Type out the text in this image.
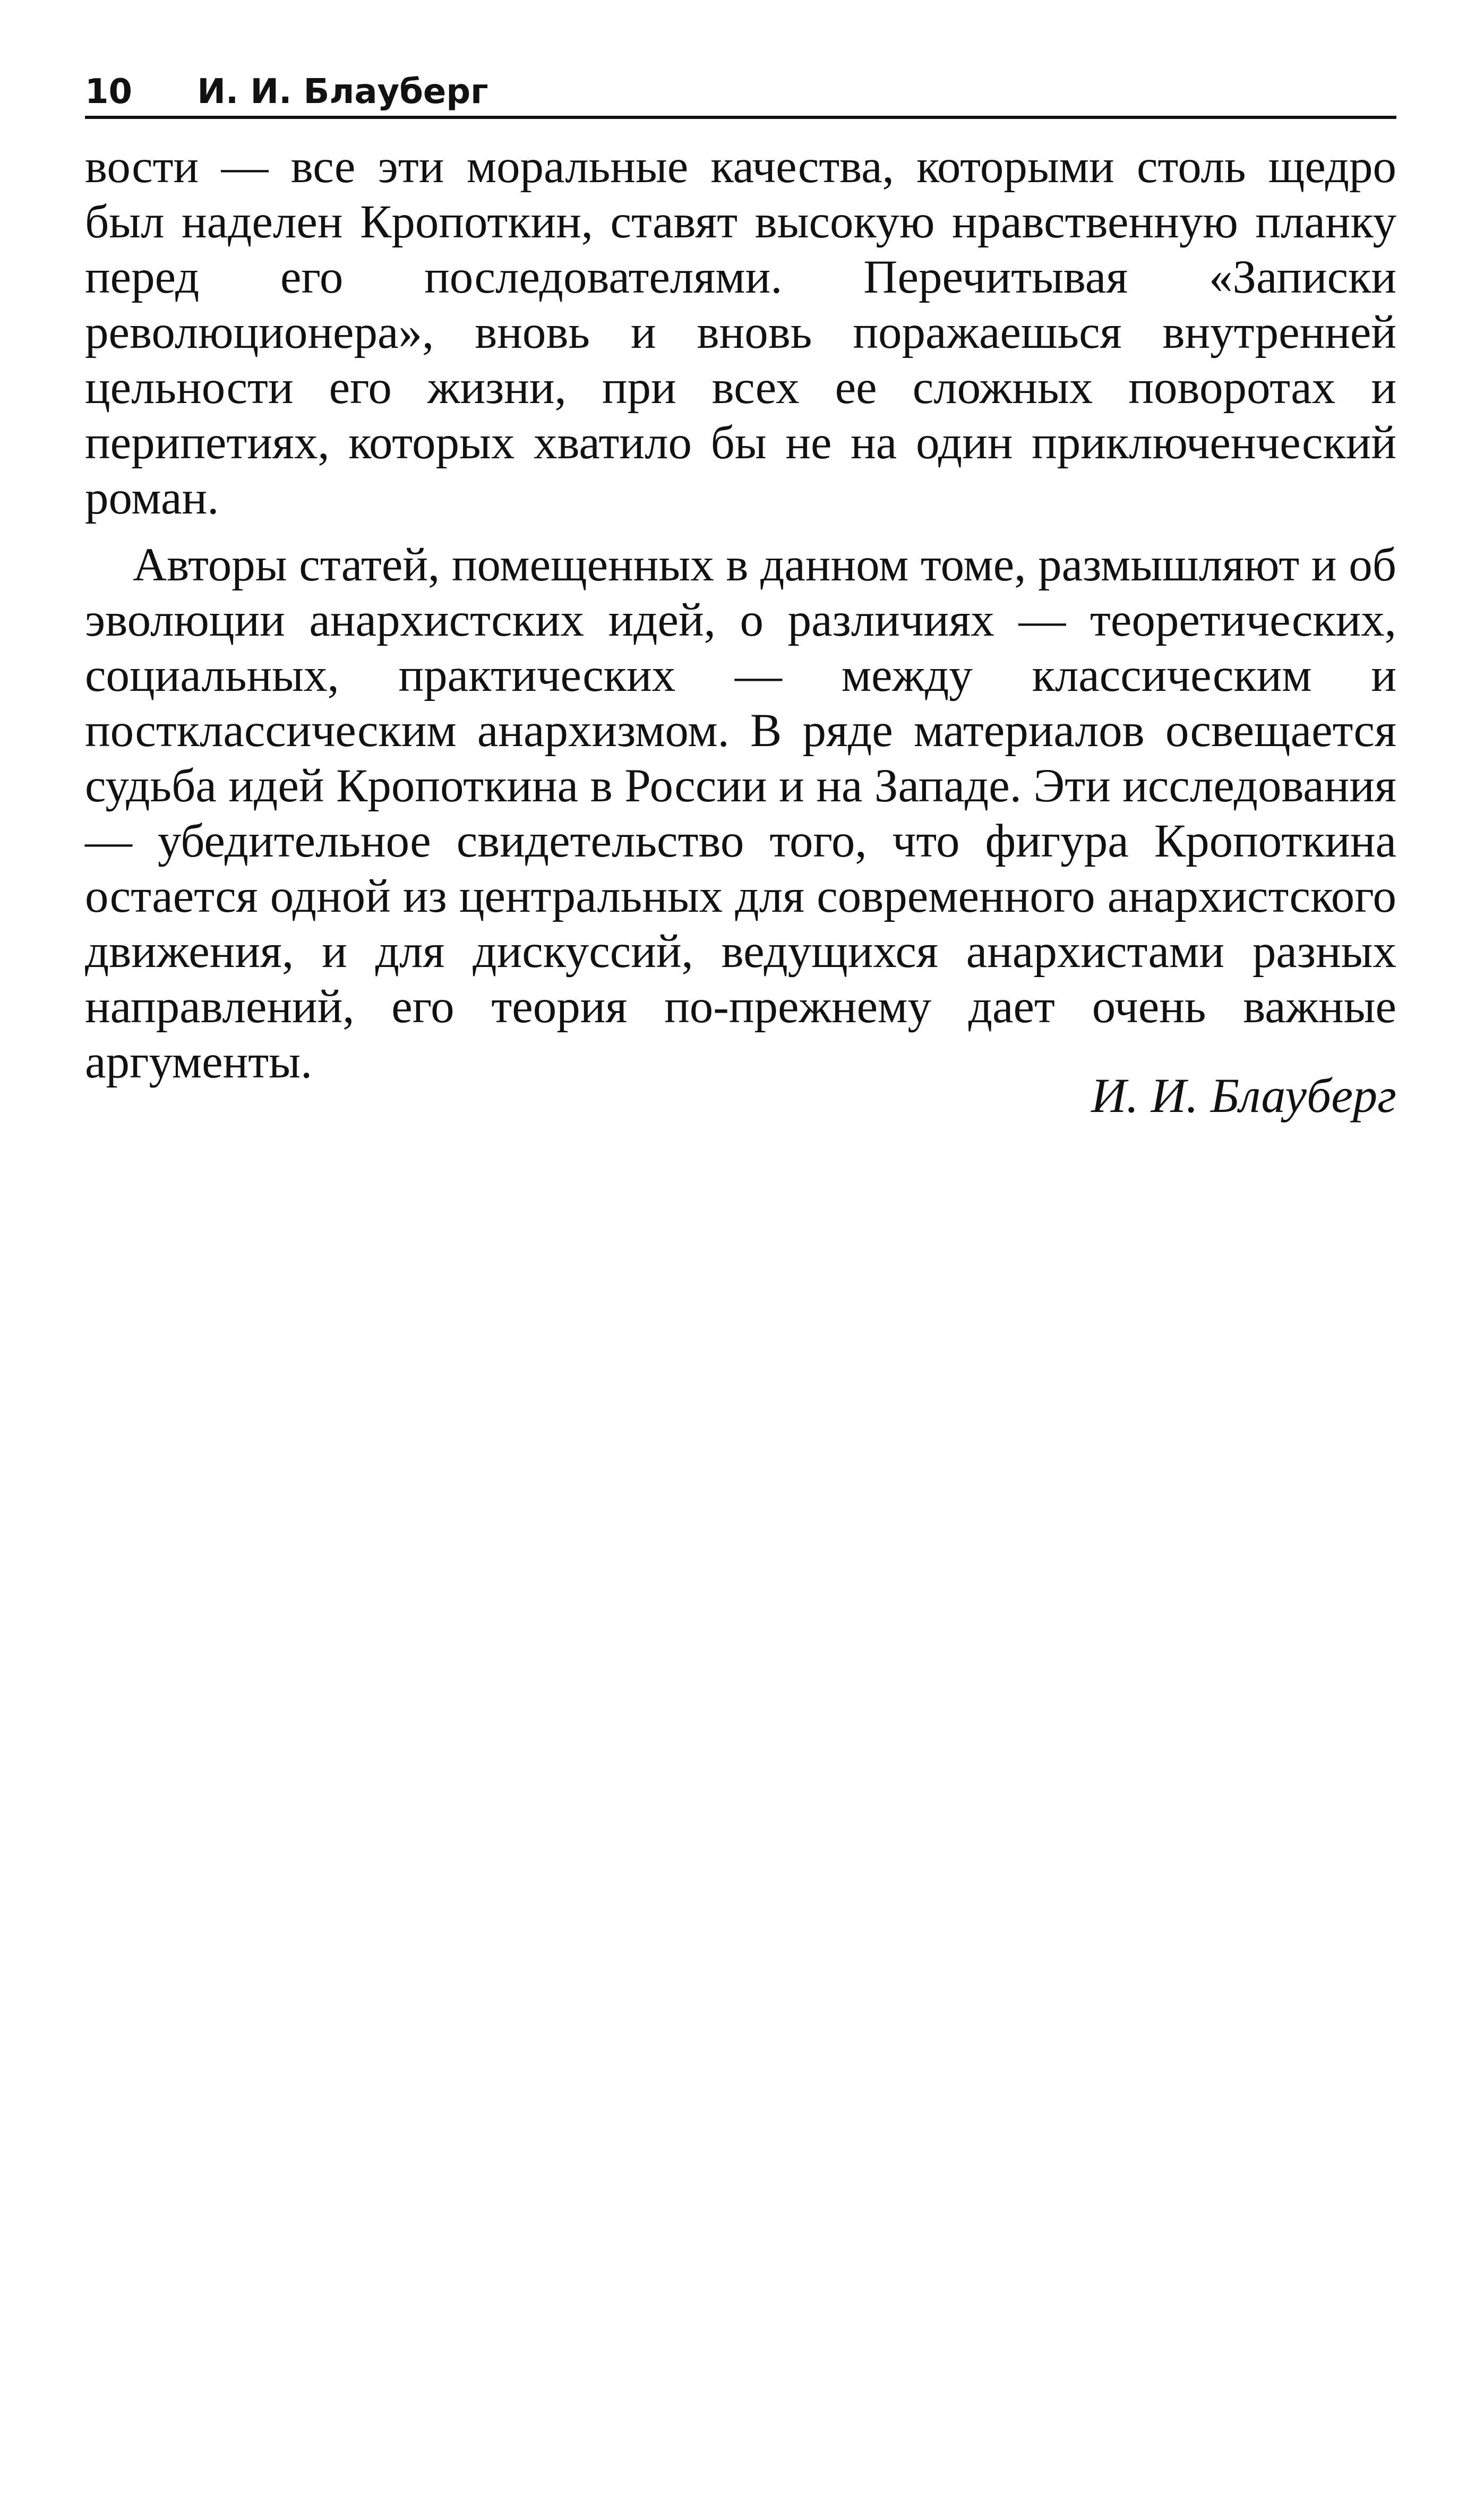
10 И. И. Блауберг

вости — все эти моральные качества, которыми столь щедро был наделен Кропоткин, ставят высокую нравственную планку перед его последователями. Перечитывая «Записки революционера», вновь и вновь поражаешься внутренней цельности его жизни, при всех ее сложных поворотах и перипетиях, которых хватило бы не на один приключенческий роман.

Авторы статей, помещенных в данном томе, размышляют и об эволюции анархистских идей, о различиях — теоретических, социальных, практических — между классическим и постклассическим анархизмом. В ряде материалов освещается судьба идей Кропоткина в России и на Западе. Эти исследования — убедительное свидетельство того, что фигура Кропоткина остается одной из центральных для современного анархистского движения, и для дискуссий, ведущихся анархистами разных направлений, его теория по-прежнему дает очень важные аргументы.

И. И. Блауберг
